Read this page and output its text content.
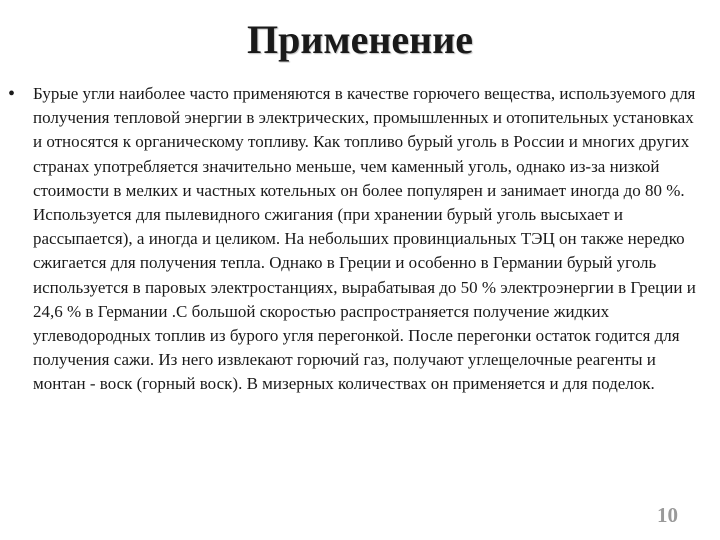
Применение
• Бурые угли наиболее часто применяются в качестве горючего вещества, используемого для получения тепловой энергии в электрических, промышленных и отопительных установках и относятся к органическому топливу. Как топливо бурый уголь в России и многих других странах употребляется значительно меньше, чем каменный уголь, однако из-за низкой стоимости в мелких и частных котельных он более популярен и занимает иногда до 80 %. Используется для пылевидного сжигания (при хранении бурый уголь высыхает и рассыпается), а иногда и целиком. На небольших провинциальных ТЭЦ он также нередко сжигается для получения тепла. Однако в Греции и особенно в Германии бурый уголь используется в паровых электростанциях, вырабатывая до 50 % электроэнергии в Греции и 24,6 % в Германии .С большой скоростью распространяется получение жидких углеводородных топлив из бурого угля перегонкой. После перегонки остаток годится для получения сажи. Из него извлекают горючий газ, получают углещелочные реагенты и монтан - воск (горный воск). В мизерных количествах он применяется и для поделок.
10
